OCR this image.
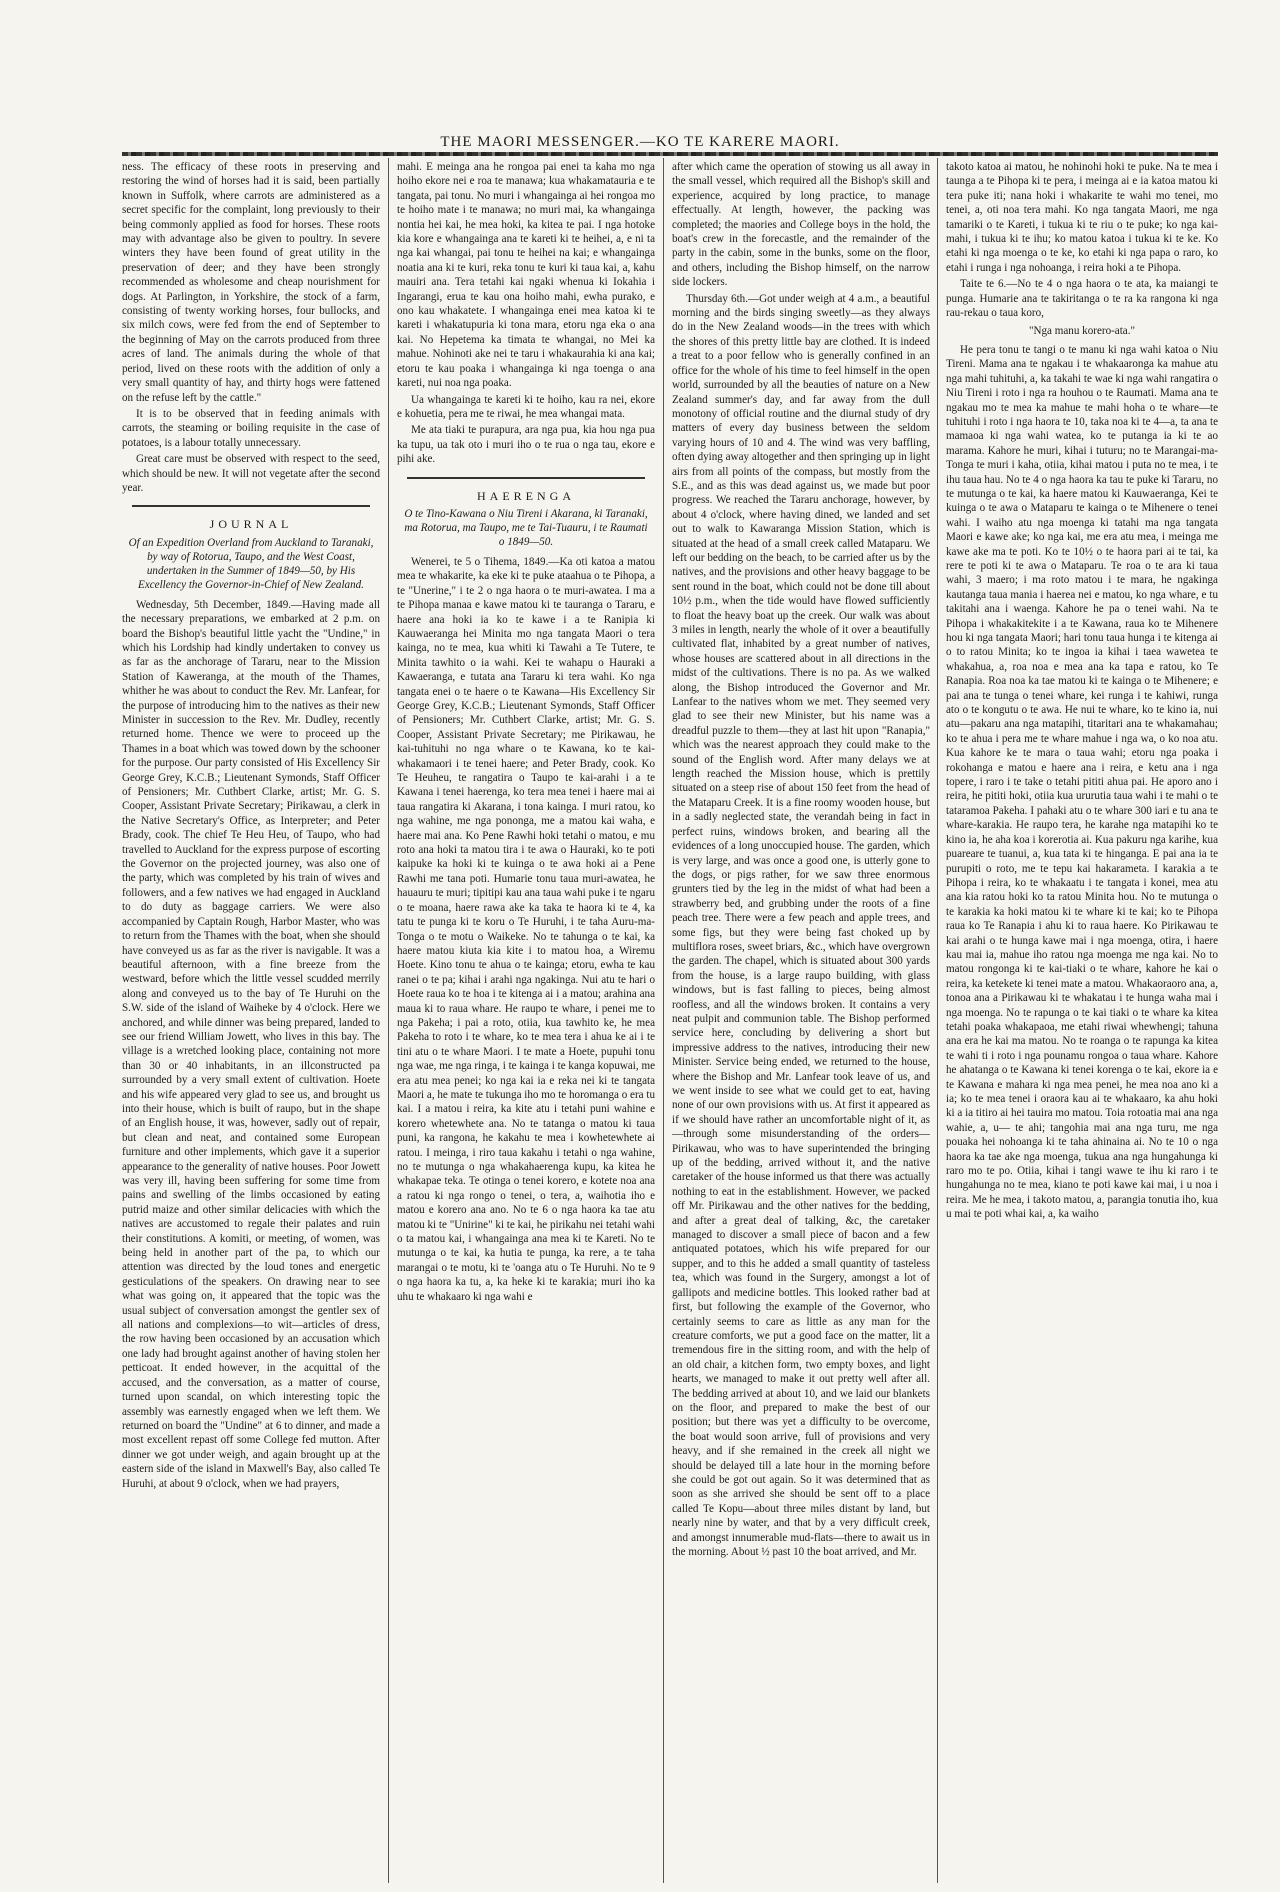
THE MAORI MESSENGER.—KO TE KARERE MAORI.

ness. The efficacy of these roots in preserving and restoring the wind of horses had it is said, been partially known in Suffolk, where carrots are administered as a secret specific for the complaint, long previously to their being commonly applied as food for horses. These roots may with advantage also be given to poultry. In severe winters they have been found of great utility in the preservation of deer; and they have been strongly recommended as wholesome and cheap nourishment for dogs. At Parlington, in Yorkshire, the stock of a farm, consisting of twenty working horses, four bullocks, and six milch cows, were fed from the end of September to the beginning of May on the carrots produced from three acres of land. The animals during the whole of that period, lived on these roots with the addition of only a very small quantity of hay, and thirty hogs were fattened on the refuse left by the cattle."

It is to be observed that in feeding animals with carrots, the steaming or boiling requisite in the case of potatoes, is a labour totally unnecessary.

Great care must be observed with respect to the seed, which should be new. It will not vegetate after the second year.

JOURNAL
Of an Expedition Overland from Auckland to Taranaki, by way of Rotorua, Taupo, and the West Coast, undertaken in the Summer of 1849—50, by His Excellency the Governor-in-Chief of New Zealand.

Wednesday, 5th December, 1849.—Having made all the necessary preparations, we embarked at 2 p.m. on board the Bishop's beautiful little yacht the "Undine," in which his Lordship had kindly undertaken to convey us as far as the anchorage of Tararu, near to the Mission Station of Kaweranga, at the mouth of the Thames, whither he was about to conduct the Rev. Mr. Lanfear, for the purpose of introducing him to the natives as their new Minister in succession to the Rev. Mr. Dudley, recently returned home. Thence we were to proceed up the Thames in a boat which was towed down by the schooner for the purpose. Our party consisted of His Excellency Sir George Grey, K.C.B.; Lieutenant Symonds, Staff Officer of Pensioners; Mr. Cuthbert Clarke, artist; Mr. G. S. Cooper, Assistant Private Secretary; Pirikawau, a clerk in the Native Secretary's Office, as Interpreter; and Peter Brady, cook. The chief Te Heu Heu, of Taupo, who had travelled to Auckland for the express purpose of escorting the Governor on the projected journey, was also one of the party, which was completed by his train of wives and followers, and a few natives we had engaged in Auckland to do duty as baggage carriers. We were also accompanied by Captain Rough, Harbor Master, who was to return from the Thames with the boat, when she should have conveyed us as far as the river is navigable. It was a beautiful afternoon, with a fine breeze from the westward, before which the little vessel scudded merrily along and conveyed us to the bay of Te Huruhi on the S.W. side of the island of Waiheke by 4 o'clock. Here we anchored, and while dinner was being prepared, landed to see our friend William Jowett, who lives in this bay. The village is a wretched looking place, containing not more than 30 or 40 inhabitants, in an illconstructed pa surrounded by a very small extent of cultivation. Hoete and his wife appeared very glad to see us, and brought us into their house, which is built of raupo, but in the shape of an English house, it was, however, sadly out of repair, but clean and neat, and contained some European furniture and other implements, which gave it a superior appearance to the generality of native houses. Poor Jowett was very ill, having been suffering for some time from pains and swelling of the limbs occasioned by eating putrid maize and other similar delicacies with which the natives are accustomed to regale their palates and ruin their constitutions. A komiti, or meeting, of women, was being held in another part of the pa, to which our attention was directed by the loud tones and energetic gesticulations of the speakers. On drawing near to see what was going on, it appeared that the topic was the usual subject of conversation amongst the gentler sex of all nations and complexions—to wit—articles of dress, the row having been occasioned by an accusation which one lady had brought against another of having stolen her petticoat. It ended however, in the acquittal of the accused, and the conversation, as a matter of course, turned upon scandal, on which interesting topic the assembly was earnestly engaged when we left them. We returned on board the "Undine" at 6 to dinner, and made a most excellent repast off some College fed mutton. After dinner we got under weigh, and again brought up at the eastern side of the island in Maxwell's Bay, also called Te Huruhi, at about 9 o'clock, when we had prayers,

mahi. E meinga ana he rongoa pai enei ta kaha mo nga hoiho ekore nei e roa te manawa; kua whakamatauria e te tangata, pai tonu. No muri i whangainga ai hei rongoa mo te hoiho mate i te manawa; no muri mai, ka whangainga nontia hei kai, he mea hoki, ka kitea te pai. I nga hotoke kia kore e whangainga ana te kareti ki te heihei, a, e ni ta nga kai whangai, pai tonu te heihei na kai; e whangainga noatia ana ki te kuri, reka tonu te kuri ki taua kai, a, kahu mauiri ana. Tera tetahi kai ngaki whenua ki Iokahia i Ingarangi, erua te kau ona hoiho mahi, ewha purako, e ono kau whakatete. I whangainga enei mea katoa ki te kareti i whakatupuria ki tona mara, etoru nga eka o ana kai. No Hepetema ka timata te whangai, no Mei ka mahue. Nohinoti ake nei te taru i whakaurahia ki ana kai; etoru te kau poaka i whangainga ki nga toenga o ana kareti, nui noa nga poaka.

Ua whangainga te kareti ki te hoiho, kau ra nei, ekore e kohuetia, pera me te riwai, he mea whangai mata.

Me ata tiaki te purapura, ara nga pua, kia hou nga pua ka tupu, ua tak oto i muri iho o te rua o nga tau, ekore e pihi ake.

HAERENGA
O te Tino-Kawana o Niu Tireni i Akarana, ki Taranaki, ma Rotorua, ma Taupo, me te Tai-Tuauru, i te Raumati o 1849—50.

Wenerei, te 5 o Tihema, 1849.—Ka oti katoa a matou mea te whakarite, ka eke ki te puke ataahua o te Pihopa, a te "Unerine," i te 2 o nga haora o te muri-awatea. I ma a te Pihopa manaa e kawe matou ki te tauranga o Tararu, e haere ana hoki ia ko te kawe i a te Ranipia ki Kauwaeranga hei Minita mo nga tangata Maori o tera kainga, no te mea, kua whiti ki Tawahi a Te Tutere, te Minita tawhito o ia wahi. Kei te wahapu o Hauraki a Kawaeranga, e tutata ana Tararu ki tera wahi. Ko nga tangata enei o te haere o te Kawana—His Excellency Sir George Grey, K.C.B.; Lieutenant Symonds, Staff Officer of Pensioners; Mr. Cuthbert Clarke, artist; Mr. G. S. Cooper, Assistant Private Secretary; me Pirikawau, he kai-tuhituhi no nga whare o te Kawana, ko te kai-whakamaori i te tenei haere; and Peter Brady, cook. Ko Te Heuheu, te rangatira o Taupo te kai-arahi i a te Kawana i tenei haerenga, ko tera mea tenei i haere mai ai taua rangatira ki Akarana, i tona kainga. I muri ratou, ko nga wahine, me nga pononga, me a matou kai waha, e haere mai ana. Ko Pene Rawhi hoki tetahi o matou, e mu roto ana hoki ta matou tira i te awa o Hauraki, ko te poti kaipuke ka hoki ki te kuinga o te awa hoki ai a Pene Rawhi me tana poti. Humarie tonu taua muri-awatea, he hauauru te muri; tipitipi kau ana taua wahi puke i te ngaru o te moana, haere rawa ake ka taka te haora ki te 4, ka tatu te punga ki te koru o Te Huruhi, i te taha Auru-ma-Tonga o te motu o Waikeke. No te tahunga o te kai, ka haere matou kiuta kia kite i to matou hoa, a Wiremu Hoete. Kino tonu te ahua o te kainga; etoru, ewha te kau ranei o te pa; kihai i arahi nga ngakinga. Nui atu te hari o Hoete raua ko te hoa i te kitenga ai i a matou; arahina ana maua ki to raua whare. He raupo te whare, i penei me to nga Pakeha; i pai a roto, otiia, kua tawhito ke, he mea Pakeha to roto i te whare, ko te mea tera i ahua ke ai i te tini atu o te whare Maori. I te mate a Hoete, pupuhi tonu nga wae, me nga ringa, i te kainga i te kanga kopuwai, me era atu mea penei; ko nga kai ia e reka nei ki te tangata Maori a, he mate te tukunga iho mo te horomanga o era tu kai. I a matou i reira, ka kite atu i tetahi puni wahine e korero whetewhete ana. No te tatanga o matou ki taua puni, ka rangona, he kakahu te mea i kowhetewhete ai ratou. I meinga, i riro taua kakahu i tetahi o nga wahine, no te mutunga o nga whakahaerenga kupu, ka kitea he whakapae teka. Te otinga o tenei korero, e kotete noa ana a ratou ki nga rongo o tenei, o tera, a, waihotia iho e matou e korero ana ano. No te 6 o nga haora ka tae atu matou ki te "Unirine" ki te kai, he pirikahu nei tetahi wahi o ta matou kai, i whangainga ana mea ki te Kareti. No te mutunga o te kai, ka hutia te punga, ka rere, a te taha marangai o te motu, ki te 'oanga atu o Te Huruhi. No te 9 o nga haora ka tu, a, ka heke ki te karakia; muri iho ka uhu te whakaaro ki nga wahi e

after which came the operation of stowing us all away in the small vessel, which required all the Bishop's skill and experience, acquired by long practice, to manage effectually. At length, however, the packing was completed; the maories and College boys in the hold, the boat's crew in the forecastle, and the remainder of the party in the cabin, some in the bunks, some on the floor, and others, including the Bishop himself, on the narrow side lockers.

Thursday 6th.—Got under weigh at 4 a.m., a beautiful morning and the birds singing sweetly—as they always do in the New Zealand woods—in the trees with which the shores of this pretty little bay are clothed. It is indeed a treat to a poor fellow who is generally confined in an office for the whole of his time to feel himself in the open world, surrounded by all the beauties of nature on a New Zealand summer's day, and far away from the dull monotony of official routine and the diurnal study of dry matters of every day business between the seldom varying hours of 10 and 4. The wind was very baffling, often dying away altogether and then springing up in light airs from all points of the compass, but mostly from the S.E., and as this was dead against us, we made but poor progress. We reached the Tararu anchorage, however, by about 4 o'clock, where having dined, we landed and set out to walk to Kawaranga Mission Station, which is situated at the head of a small creek called Mataparu. We left our bedding on the beach, to be carried after us by the natives, and the provisions and other heavy baggage to be sent round in the boat, which could not be done till about 10½ p.m., when the tide would have flowed sufficiently to float the heavy boat up the creek. Our walk was about 3 miles in length, nearly the whole of it over a beautifully cultivated flat, inhabited by a great number of natives, whose houses are scattered about in all directions in the midst of the cultivations. There is no pa. As we walked along, the Bishop introduced the Governor and Mr. Lanfear to the natives whom we met. They seemed very glad to see their new Minister, but his name was a dreadful puzzle to them—they at last hit upon "Ranapia," which was the nearest approach they could make to the sound of the English word. After many delays we at length reached the Mission house, which is prettily situated on a steep rise of about 150 feet from the head of the Mataparu Creek. It is a fine roomy wooden house, but in a sadly neglected state, the verandah being in fact in perfect ruins, windows broken, and bearing all the evidences of a long unoccupied house. The garden, which is very large, and was once a good one, is utterly gone to the dogs, or pigs rather, for we saw three enormous grunters tied by the leg in the midst of what had been a strawberry bed, and grubbing under the roots of a fine peach tree. There were a few peach and apple trees, and some figs, but they were being fast choked up by multiflora roses, sweet briars, &c., which have overgrown the garden. The chapel, which is situated about 300 yards from the house, is a large raupo building, with glass windows, but is fast falling to pieces, being almost roofless, and all the windows broken. It contains a very neat pulpit and communion table. The Bishop performed service here, concluding by delivering a short but impressive address to the natives, introducing their new Minister. Service being ended, we returned to the house, where the Bishop and Mr. Lanfear took leave of us, and we went inside to see what we could get to eat, having none of our own provisions with us. At first it appeared as if we should have rather an uncomfortable night of it, as—through some misunderstanding of the orders—Pirikawau, who was to have superintended the bringing up of the bedding, arrived without it, and the native caretaker of the house informed us that there was actually nothing to eat in the establishment. However, we packed off Mr. Pirikawau and the other natives for the bedding, and after a great deal of talking, &c, the caretaker managed to discover a small piece of bacon and a few antiquated potatoes, which his wife prepared for our supper, and to this he added a small quantity of tasteless tea, which was found in the Surgery, amongst a lot of gallipots and medicine bottles. This looked rather bad at first, but following the example of the Governor, who certainly seems to care as little as any man for the creature comforts, we put a good face on the matter, lit a tremendous fire in the sitting room, and with the help of an old chair, a kitchen form, two empty boxes, and light hearts, we managed to make it out pretty well after all. The bedding arrived at about 10, and we laid our blankets on the floor, and prepared to make the best of our position; but there was yet a difficulty to be overcome, the boat would soon arrive, full of provisions and very heavy, and if she remained in the creek all night we should be delayed till a late hour in the morning before she could be got out again. So it was determined that as soon as she arrived she should be sent off to a place called Te Kopu—about three miles distant by land, but nearly nine by water, and that by a very difficult creek, and amongst innumerable mud-flats—there to await us in the morning. About ½ past 10 the boat arrived, and Mr.

takoto katoa ai matou, he nohinohi hoki te puke. Na te mea i taunga a te Pihopa ki te pera, i meinga ai e ia katoa matou ki tera puke iti; nana hoki i whakarite te wahi mo tenei, mo tenei, a, oti noa tera mahi. Ko nga tangata Maori, me nga tamariki o te Kareti, i tukua ki te riu o te puke; ko nga kai-mahi, i tukua ki te ihu; ko matou katoa i tukua ki te ke. Ko etahi ki nga moenga o te ke, ko etahi ki nga papa o raro, ko etahi i runga i nga nohoanga, i reira hoki a te Pihopa.

Taite te 6.—No te 4 o nga haora o te ata, ka maiangi te punga. Humarie ana te takiritanga o te ra ka rangona ki nga rau-rekau o taua koro,

"Nga manu korero-ata."

He pera tonu te tangi o te manu ki nga wahi katoa o Niu Tireni. Mama ana te ngakau i te whakaaronga ka mahue atu nga mahi tuhituhi, a, ka takahi te wae ki nga wahi rangatira o Niu Tireni i roto i nga ra houhou o te Raumati. Mama ana te ngakau mo te mea ka mahue te mahi hoha o te whare—te tuhituhi i roto i nga haora te 10, taka noa ki te 4—a, ta ana te mamaoa ki nga wahi watea, ko te putanga ia ki te ao marama. Kahore he muri, kihai i tuturu; no te Marangai-ma-Tonga te muri i kaha, otiia, kihai matou i puta no te mea, i te ihu taua hau. No te 4 o nga haora ka tau te puke ki Tararu, no te mutunga o te kai, ka haere matou ki Kauwaeranga, Kei te kuinga o te awa o Mataparu te kainga o te Mihenere o tenei wahi. I waiho atu nga moenga ki tatahi ma nga tangata Maori e kawe ake; ko nga kai, me era atu mea, i meinga me kawe ake ma te poti. Ko te 10½ o te haora pari ai te tai, ka rere te poti ki te awa o Mataparu. Te roa o te ara ki taua wahi, 3 maero; i ma roto matou i te mara, he ngakinga kautanga taua mania i haerea nei e matou, ko nga whare, e tu takitahi ana i waenga. Kahore he pa o tenei wahi. Na te Pihopa i whakakitekite i a te Kawana, raua ko te Mihenere hou ki nga tangata Maori; hari tonu taua hunga i te kitenga ai o to ratou Minita; ko te ingoa ia kihai i taea waweteа te whakahua, a, roa noa e mea ana ka tapa e ratou, ko Te Ranapia. Roa noa ka tae matou ki te kainga o te Mihenere; e pai ana te tunga o tenei whare, kei runga i te kahiwi, runga ato o te kongutu o te awa. He nui te whare, ko te kino ia, nui atu—pakaru ana nga matapihi, titaritari ana te whakamahau; ko te ahua i pera me te whare mahue i nga wa, o ko noa atu. Kua kahore ke te mara o taua wahi; etoru nga poaka i rokohanga e matou e haere ana i reira, e ketu ana i nga topere, i raro i te take o tetahi pititi ahua pai. He aporo ano i reira, he pititi hoki, otiia kua ururutia taua wahi i te mahi o te tataramoa Pakeha. I pahaki atu o te whare 300 iari e tu ana te whare-karakia. He raupo tera, he karahe nga matapihi ko te kino ia, he aha koa i korerotia ai. Kua pakuru nga karihe, kua puareare te tuanui, a, kua tata ki te hinganga. E pai ana ia te purupiti o roto, me te tepu kai hakarameta. I karakia a te Pihopa i reira, ko te whakaatu i te tangata i konei, mea atu ana kia ratou hoki ko ta ratou Minita hou. No te mutunga o te karakia ka hoki matou ki te whare ki te kai; ko te Pihopa raua ko Te Ranapia i ahu ki to raua haere. Ko Pirikawau te kai arahi o te hunga kawe mai i nga moenga, otira, i haere kau mai ia, mahue iho ratou nga moenga me nga kai. No to matou rongonga ki te kai-tiaki o te whare, kahore he kai o reira, ka ketekete ki tenei mate a matou. Whakaoraoro ana, a, tonoa ana a Pirikawau ki te whakatau i te hunga waha mai i nga moenga. No te rapunga o te kai tiaki o te whare ka kitea tetahi poaka whakapaoa, me etahi riwai whewhengi; tahuna ana era he kai ma matou. No te roanga o te rapunga ka kitea te wahi ti i roto i nga pounamu rongoa o taua whare. Kahore he ahatanga o te Kawana ki tenei korenga o te kai, ekore ia e te Kawana e mahara ki nga mea penei, he mea noa ano ki a ia; ko te mea tenei i oraora kau ai te whakaaro, ka ahu hoki ki a ia titiro ai hei tauira mo matou. Toia rotoatia mai ana nga wahie, a, u— te ahi; tangohia mai ana nga turu, me nga pouaka hei nohoanga ki te taha ahinaina ai. No te 10 o nga haora ka tae ake nga moenga, tukua ana nga hungahunga ki raro mo te po. Otiia, kihai i tangi wawe te ihu ki raro i te hungahunga no te mea, kiano te poti kawe kai mai, i u noa i reira. Me he mea, i takoto matou, a, parangia tonutia iho, kua u mai te poti whai kai, a, ka waiho
